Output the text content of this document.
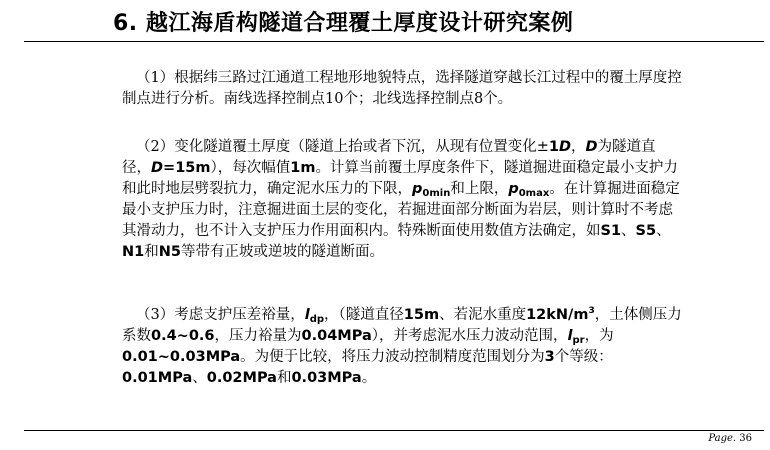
6. 越江海盾构隧道合理覆土厚度设计研究案例

（1）根据纬三路过江通道工程地形地貌特点，选择隧道穿越长江过程中的覆土厚度控制点进行分析。南线选择控制点10个；北线选择控制点8个。

（2）变化隧道覆土厚度（隧道上抬或者下沉，从现有位置变化±1D，D为隧道直径，D=15m），每次幅值1m。计算当前覆土厚度条件下，隧道掘进面稳定最小支护力和此时地层劈裂抗力，确定泥水压力的下限，$p_{0min}$和上限，$p_{0max}$。在计算掘进面稳定最小支护压力时，注意掘进面土层的变化，若掘进面部分断面为岩层，则计算时不考虑其滑动力，也不计入支护压力作用面积内。特殊断面使用数值方法确定，如S1、S5、N1和N5等带有正坡或逆坡的隧道断面。

（3）考虑支护压差裕量，$l_{dp}$，（隧道直径15m、若泥水重度$12kN/m^3$，土体侧压力系数0.4~0.6，压力裕量为0.04MPa），并考虑泥水压力波动范围，$l_{pr}$，为0.01~0.03MPa。为便于比较，将压力波动控制精度范围划分为3个等级：0.01MPa、0.02MPa和0.03MPa。

Page. 36
